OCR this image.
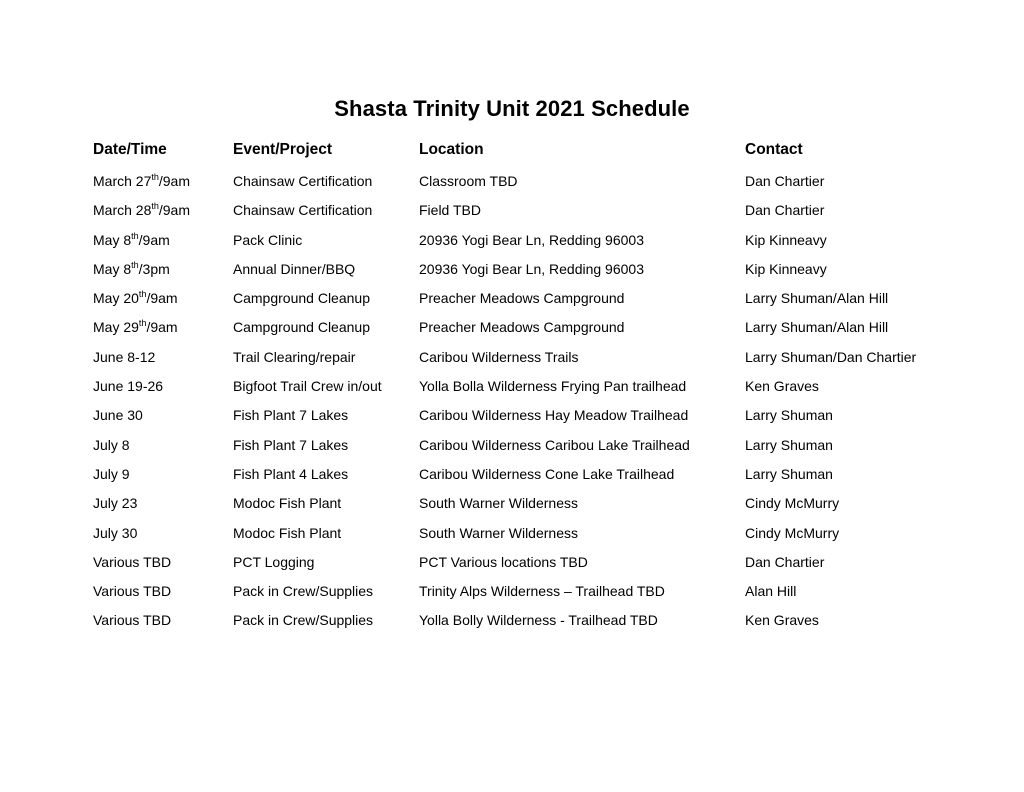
Shasta Trinity Unit 2021 Schedule
Date/Time	Event/Project	Location	Contact
March 27th/9am	Chainsaw Certification	Classroom TBD	Dan Chartier
March 28th/9am	Chainsaw Certification	Field TBD	Dan Chartier
May 8th/9am	Pack Clinic	20936 Yogi Bear Ln, Redding 96003	Kip Kinneavy
May 8th/3pm	Annual Dinner/BBQ	20936 Yogi Bear Ln, Redding 96003	Kip Kinneavy
May 20th/9am	Campground Cleanup	Preacher Meadows Campground	Larry Shuman/Alan Hill
May 29th/9am	Campground Cleanup	Preacher Meadows Campground	Larry Shuman/Alan Hill
June 8-12	Trail Clearing/repair	Caribou Wilderness Trails	Larry Shuman/Dan Chartier
June 19-26	Bigfoot Trail Crew in/out	Yolla Bolla Wilderness Frying Pan trailhead	Ken Graves
June 30	Fish Plant 7 Lakes	Caribou Wilderness Hay Meadow Trailhead	Larry Shuman
July 8	Fish Plant 7 Lakes	Caribou Wilderness Caribou Lake Trailhead	Larry Shuman
July 9	Fish Plant 4 Lakes	Caribou Wilderness Cone Lake Trailhead	Larry Shuman
July 23	Modoc Fish Plant	South Warner Wilderness	Cindy McMurry
July 30	Modoc Fish Plant	South Warner Wilderness	Cindy McMurry
Various TBD	PCT Logging	PCT Various locations TBD	Dan Chartier
Various TBD	Pack in Crew/Supplies	Trinity Alps Wilderness – Trailhead TBD	Alan Hill
Various TBD	Pack in Crew/Supplies	Yolla Bolly Wilderness - Trailhead TBD	Ken Graves
